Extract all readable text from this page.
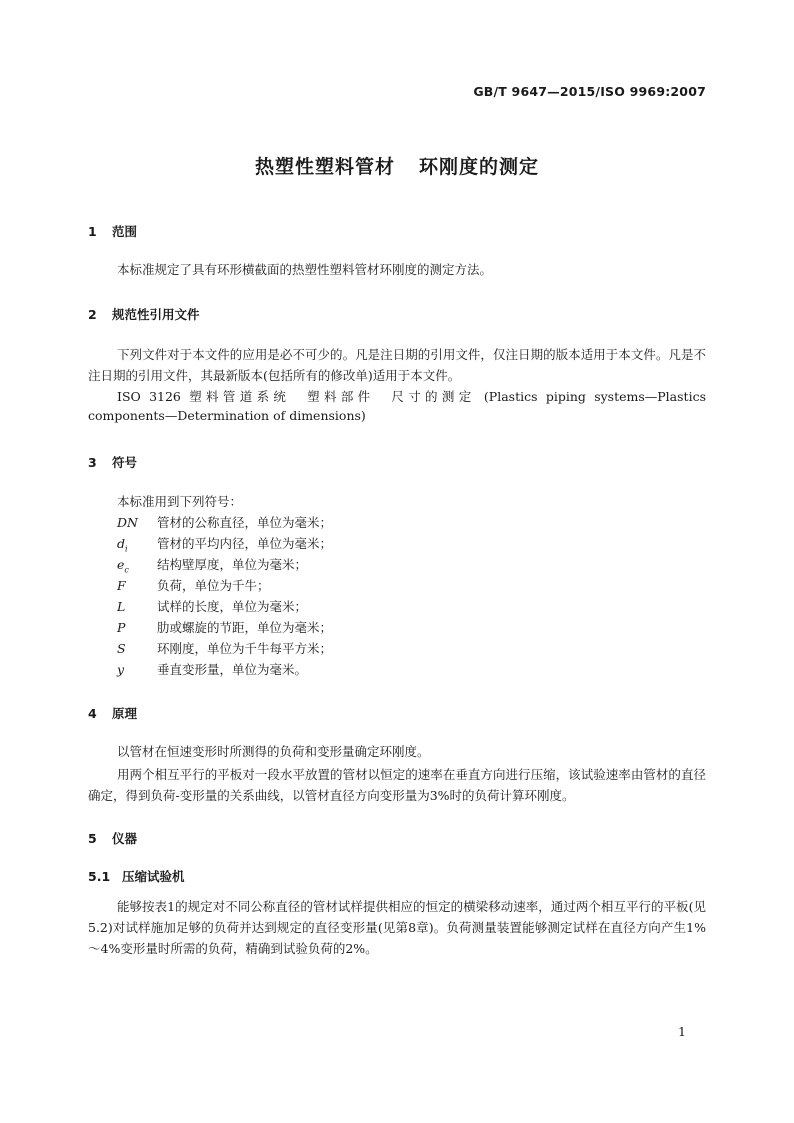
GB/T 9647—2015/ISO 9969:2007
热塑性塑料管材 环刚度的测定
1 范围
本标准规定了具有环形横截面的热塑性塑料管材环刚度的测定方法。
2 规范性引用文件
下列文件对于本文件的应用是必不可少的。凡是注日期的引用文件，仅注日期的版本适用于本文件。凡是不注日期的引用文件，其最新版本(包括所有的修改单)适用于本文件。
ISO 3126 塑料管道系统　塑料部件　尺寸的测定 (Plastics piping systems—Plastics
components—Determination of dimensions)
3 符号
本标准用到下列符号：
DN 管材的公称直径，单位为毫米；
$d_i$ 管材的平均内径，单位为毫米；
$e_c$ 结构壁厚度，单位为毫米；
F	负荷，单位为千牛；
L	试样的长度，单位为毫米；
P	肋或螺旋的节距，单位为毫米；
S	环刚度，单位为千牛每平方米；
y	垂直变形量，单位为毫米。
4 原理
以管材在恒速变形时所测得的负荷和变形量确定环刚度。
用两个相互平行的平板对一段水平放置的管材以恒定的速率在垂直方向进行压缩，该试验速率由管材的直径确定，得到负荷-变形量的关系曲线，以管材直径方向变形量为3%时的负荷计算环刚度。
5 仪器
5.1 压缩试验机
能够按表1的规定对不同公称直径的管材试样提供相应的恒定的横梁移动速率，通过两个相互平行的平板(见5.2)对试样施加足够的负荷并达到规定的直径变形量(见第8章)。负荷测量装置能够测定试样在直径方向产生1%～4%变形量时所需的负荷，精确到试验负荷的2%。
1
